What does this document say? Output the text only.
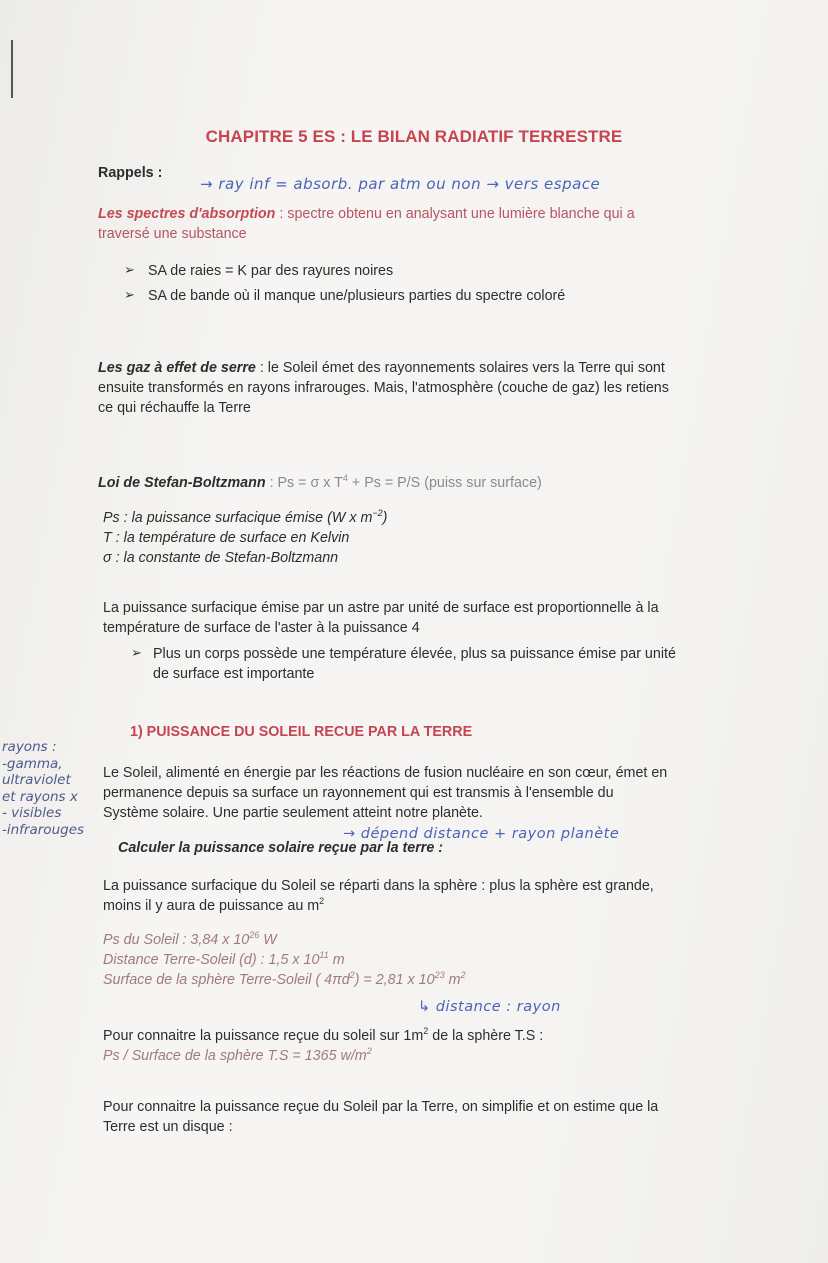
CHAPITRE 5 ES : LE BILAN RADIATIF TERRESTRE
Rappels :
→ ray inf = absorb. par atm ou non → vers espace
Les spectres d'absorption : spectre obtenu en analysant une lumière blanche qui a
traversé une substance
➢ SA de raies = K par des rayures noires
➢ SA de bande où il manque une/plusieurs parties du spectre coloré
Les gaz à effet de serre : le Soleil émet des rayonnements solaires vers la Terre qui sont
ensuite transformés en rayons infrarouges. Mais, l'atmosphère (couche de gaz) les retiens
ce qui réchauffe la Terre
Loi de Stefan-Boltzmann : Ps = σ x $T^4 + Ps = P/S$ (puiss sur surface)
Ps : la puissance surfacique émise (W x $m^{-2}$)
T : la température de surface en Kelvin
σ : la constante de Stefan-Boltzmann
La puissance surfacique émise par un astre par unité de surface est proportionnelle à la
température de surface de l'aster à la puissance 4
➢ Plus un corps possède une température élevée, plus sa puissance émise par unité
de surface est importante
1) PUISSANCE DU SOLEIL RECUE PAR LA TERRE
rayons :
-gamma,
ultraviolet
et rayons x
- visibles
-infrarouges
Le Soleil, alimenté en énergie par les réactions de fusion nucléaire en son cœur, émet en
permanence depuis sa surface un rayonnement qui est transmis à l'ensemble du
Système solaire. Une partie seulement atteint notre planète.
→ dépend distance + rayon planète
Calculer la puissance solaire reçue par la terre :
La puissance surfacique du Soleil se réparti dans la sphère : plus la sphère est grande,
moins il y aura de puissance au $m^2$
Ps du Soleil : 3,84 x $10^{26}$ W
Distance Terre-Soleil (d) : 1,5 x $10^{11}$ m
Surface de la sphère Terre-Soleil ( $4\pi d^2) = 2,81$ x $10^{23}$ $m^2$
↳ distance : rayon
Pour connaitre la puissance reçue du soleil sur $1m^2$ de la sphère T.S :
Ps / Surface de la sphère T.S = 1365 $w/m^2$
Pour connaitre la puissance reçue du Soleil par la Terre, on simplifie et on estime que la
Terre est un disque :
